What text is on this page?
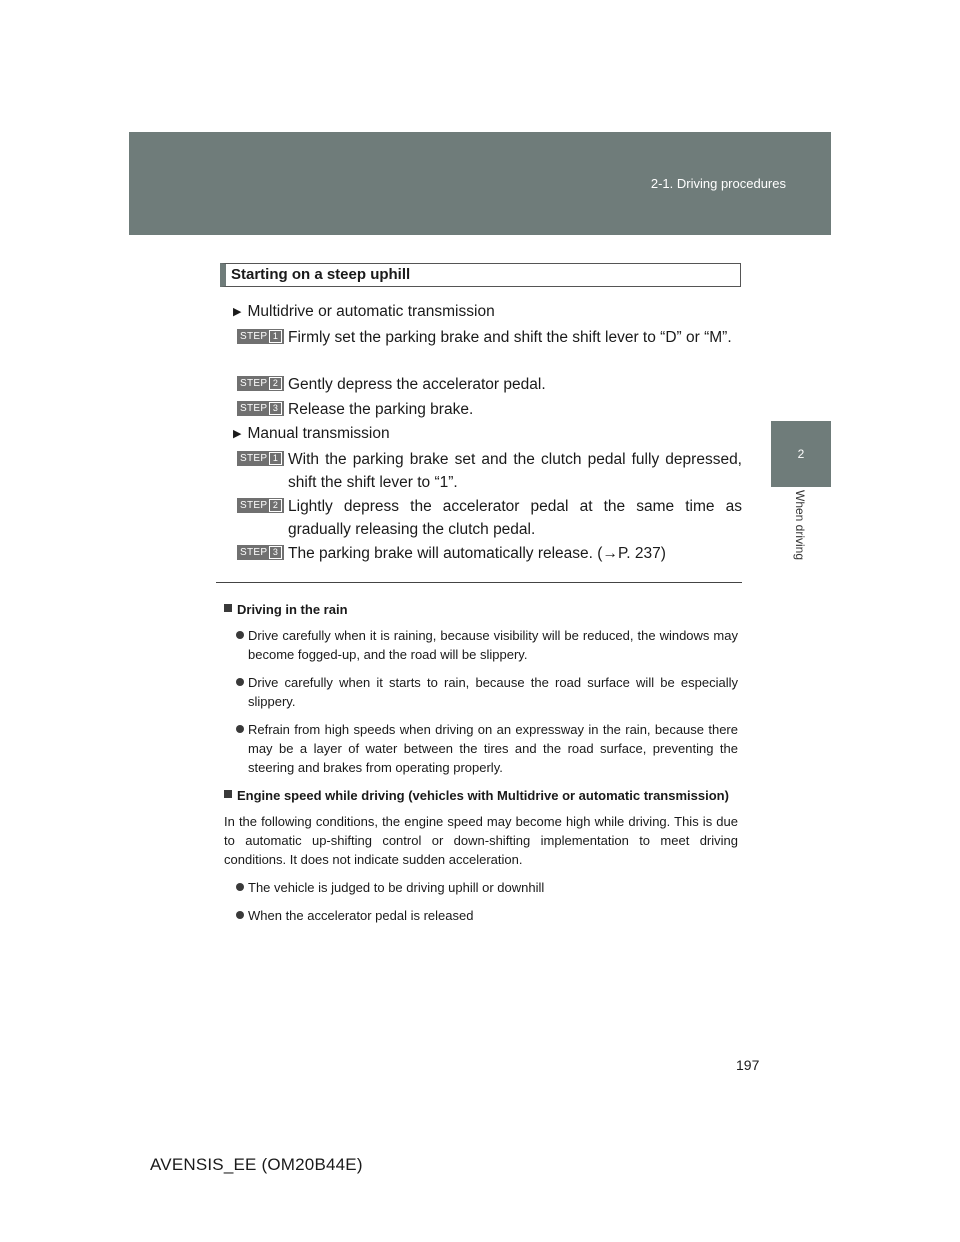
2-1. Driving procedures
2
When driving
Starting on a steep uphill
▶ Multidrive or automatic transmission
STEP 1 Firmly set the parking brake and shift the shift lever to “D” or “M”.
STEP 2 Gently depress the accelerator pedal.
STEP 3 Release the parking brake.
▶ Manual transmission
STEP 1 With the parking brake set and the clutch pedal fully depressed, shift the shift lever to “1”.
STEP 2 Lightly depress the accelerator pedal at the same time as gradually releasing the clutch pedal.
STEP 3 The parking brake will automatically release. (→P. 237)
Driving in the rain
Drive carefully when it is raining, because visibility will be reduced, the windows may become fogged-up, and the road will be slippery.
Drive carefully when it starts to rain, because the road surface will be especially slippery.
Refrain from high speeds when driving on an expressway in the rain, because there may be a layer of water between the tires and the road surface, preventing the steering and brakes from operating properly.
Engine speed while driving (vehicles with Multidrive or automatic transmission)
In the following conditions, the engine speed may become high while driving. This is due to automatic up-shifting control or down-shifting implementation to meet driving conditions. It does not indicate sudden acceleration.
The vehicle is judged to be driving uphill or downhill
When the accelerator pedal is released
197
AVENSIS_EE (OM20B44E)
